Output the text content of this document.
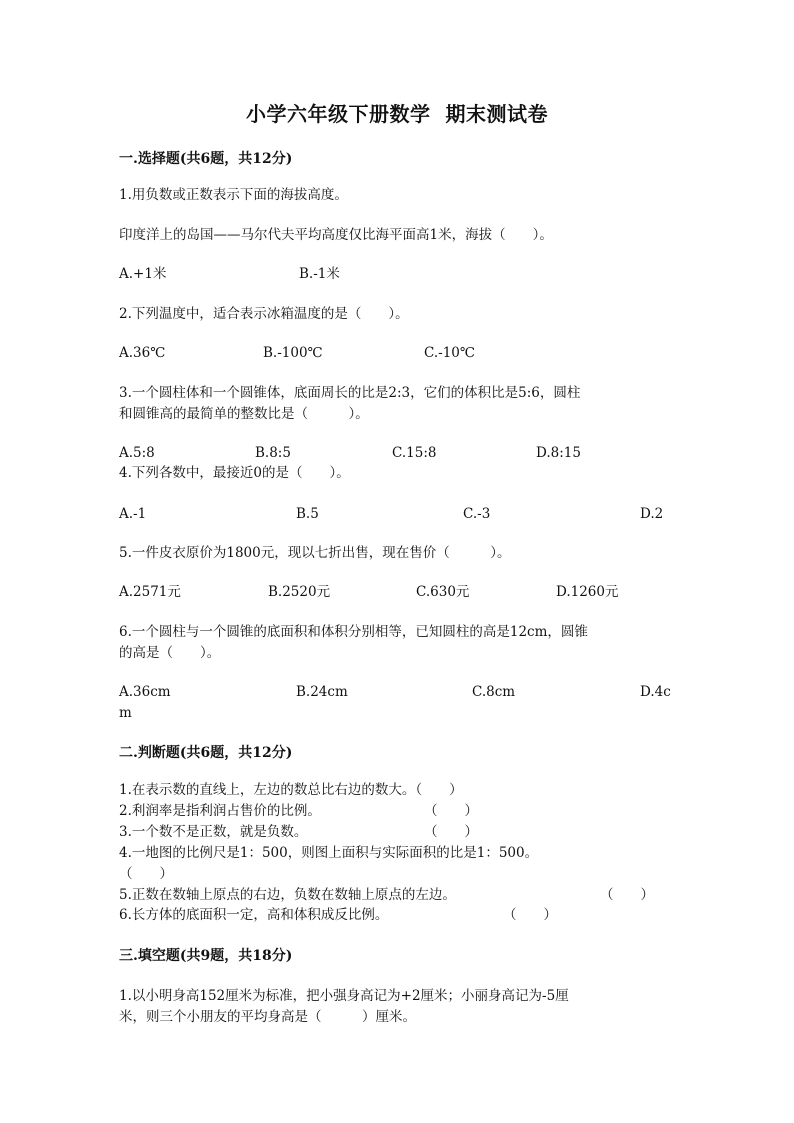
小学六年级下册数学  期末测试卷
一.选择题(共6题，共12分)
1.用负数或正数表示下面的海拔高度。
印度洋上的岛国——马尔代夫平均高度仅比海平面高1米，海拔（　　）。
A.+1米	B.-1米
2.下列温度中，适合表示冰箱温度的是（　　）。
A.36℃	B.-100℃	C.-10℃
3.一个圆柱体和一个圆锥体，底面周长的比是2:3，它们的体积比是5:6，圆柱
和圆锥高的最简单的整数比是（　　　）。
A.5:8	B.8:5	C.15:8	D.8:15
4.下列各数中，最接近0的是（　　）。
A.-1	B.5	C.-3	D.2
5.一件皮衣原价为1800元，现以七折出售，现在售价（　　　）。
A.2571元	B.2520元	C.630元	D.1260元
6.一个圆柱与一个圆锥的底面积和体积分别相等，已知圆柱的高是12cm，圆锥
的高是（　　）。
A.36cm	B.24cm	C.8cm	D.4c
m
二.判断题(共6题，共12分)
1.在表示数的直线上，左边的数总比右边的数大。（　　）
2.利润率是指利润占售价的比例。	（　　）
3.一个数不是正数，就是负数。	（　　）
4.一地图的比例尺是1：500，则图上面积与实际面积的比是1：500。
（　　）
5.正数在数轴上原点的右边，负数在数轴上原点的左边。	（　　）
6.长方体的底面积一定，高和体积成反比例。	（　　）
三.填空题(共9题，共18分)
1.以小明身高152厘米为标准，把小强身高记为+2厘米；小丽身高记为-5厘
米，则三个小朋友的平均身高是（　　　）厘米。
